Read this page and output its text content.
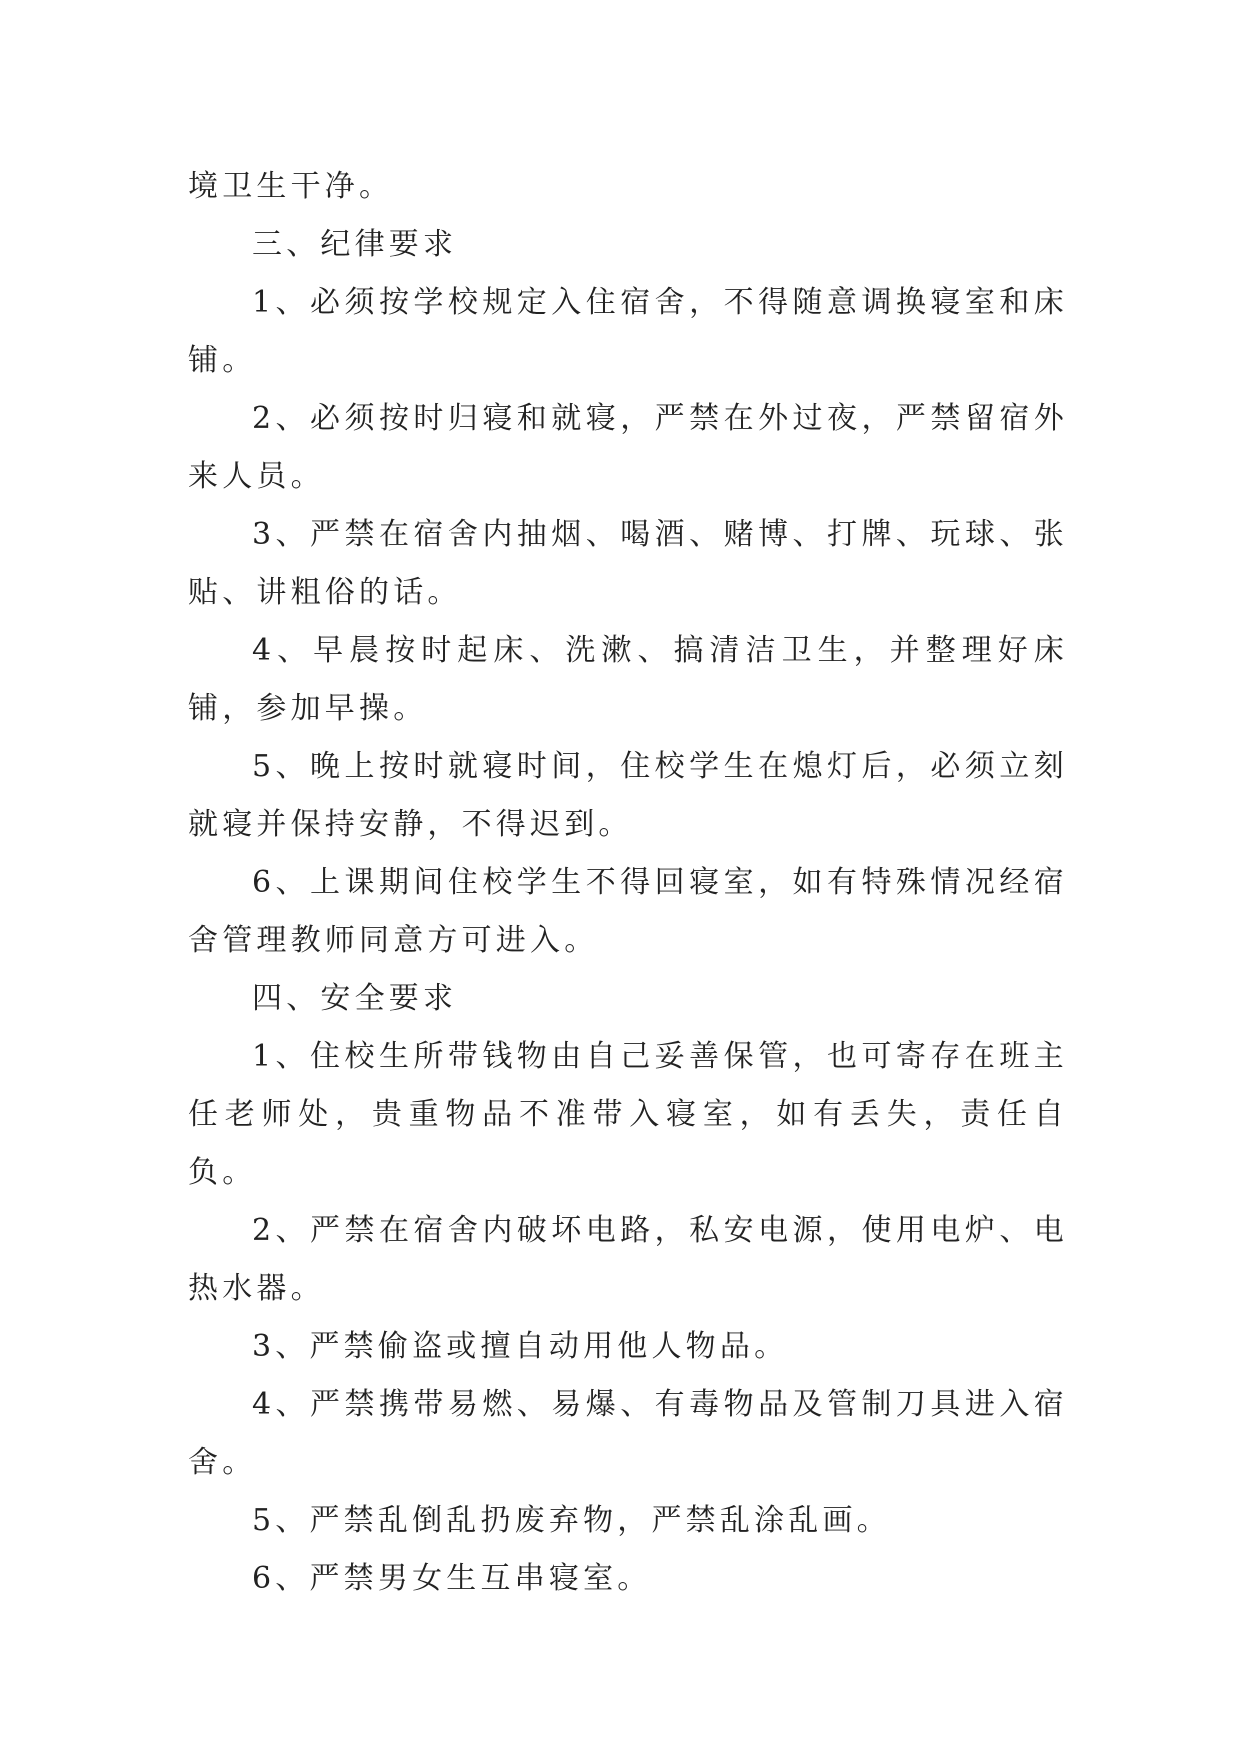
境卫生干净。

三、纪律要求

1、必须按学校规定入住宿舍，不得随意调换寝室和床铺。

2、必须按时归寝和就寝，严禁在外过夜，严禁留宿外来人员。

3、严禁在宿舍内抽烟、喝酒、赌博、打牌、玩球、张贴、讲粗俗的话。

4、早晨按时起床、洗漱、搞清洁卫生，并整理好床铺，参加早操。

5、晚上按时就寝时间，住校学生在熄灯后，必须立刻就寝并保持安静，不得迟到。

6、上课期间住校学生不得回寝室，如有特殊情况经宿舍管理教师同意方可进入。

四、安全要求

1、住校生所带钱物由自己妥善保管，也可寄存在班主任老师处，贵重物品不准带入寝室，如有丢失，责任自负。

2、严禁在宿舍内破坏电路，私安电源，使用电炉、电热水器。

3、严禁偷盗或擅自动用他人物品。

4、严禁携带易燃、易爆、有毒物品及管制刀具进入宿舍。

5、严禁乱倒乱扔废弃物，严禁乱涂乱画。

6、严禁男女生互串寝室。
